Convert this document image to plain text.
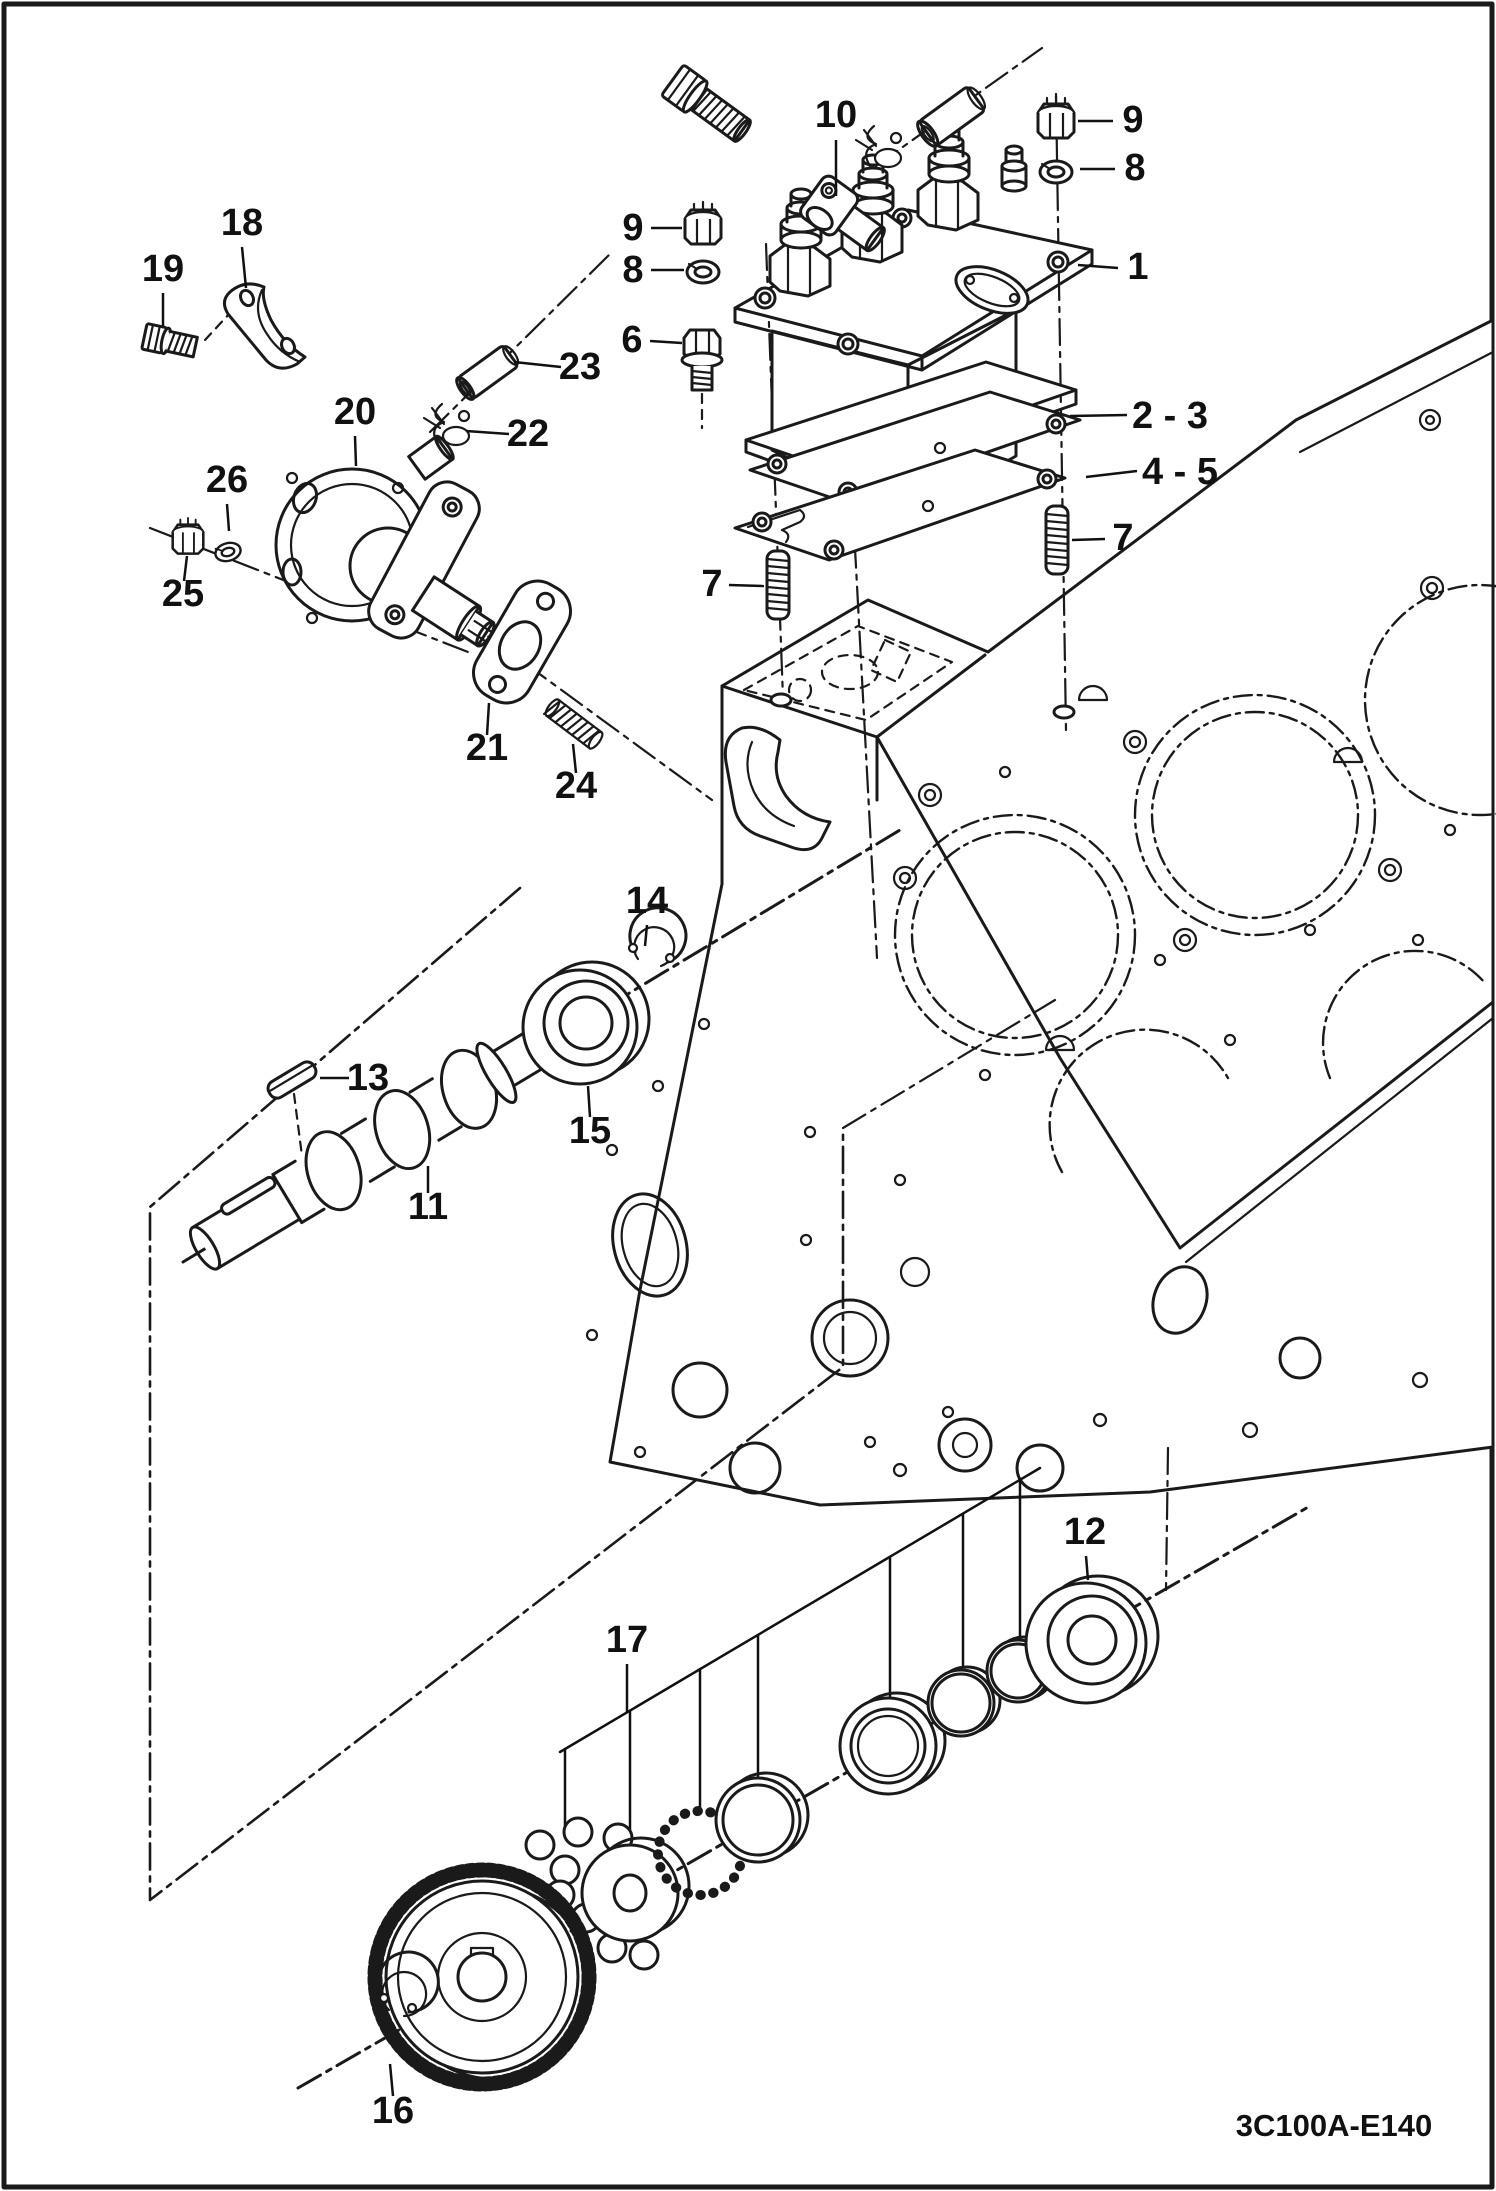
3C100A-E140
10
9
8
6
9
8
1
18
19
23
22
20
26
25
21
24
2 - 3
4 - 5
7
7
14
15
13
11
17
12
16
